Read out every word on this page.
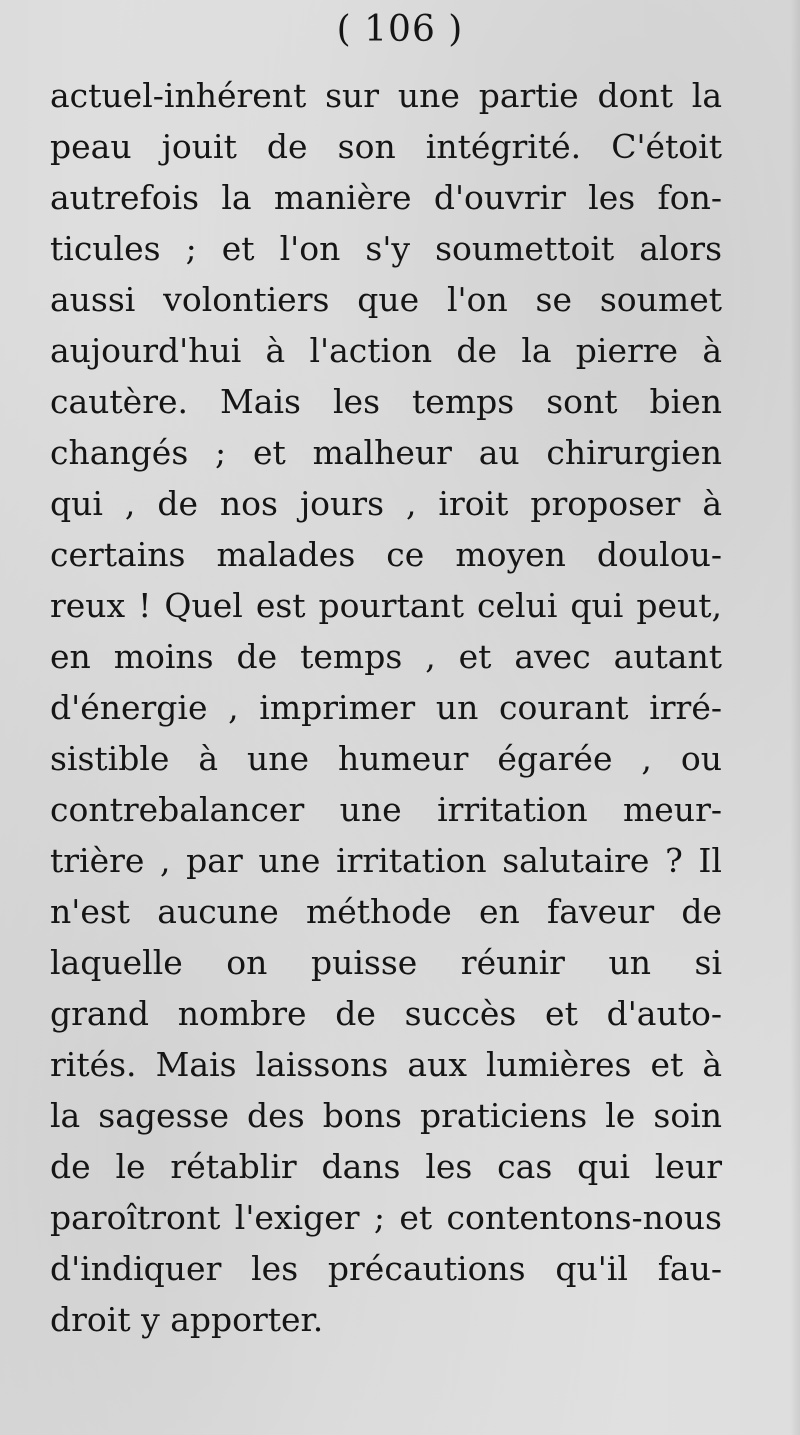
( 106 )
actuel-inhérent sur une partie dont la
peau jouit de son intégrité. C'étoit
autrefois la manière d'ouvrir les fon-
ticules ; et l'on s'y soumettoit alors
aussi volontiers que l'on se soumet
aujourd'hui à l'action de la pierre à
cautère. Mais les temps sont bien
changés ; et malheur au chirurgien
qui , de nos jours , iroit proposer à
certains malades ce moyen doulou-
reux ! Quel est pourtant celui qui peut,
en moins de temps , et avec autant
d'énergie , imprimer un courant irré-
sistible à une humeur égarée , ou
contrebalancer une irritation meur-
trière , par une irritation salutaire ? Il
n'est aucune méthode en faveur de
laquelle on puisse réunir un si
grand nombre de succès et d'auto-
rités. Mais laissons aux lumières et à
la sagesse des bons praticiens le soin
de le rétablir dans les cas qui leur
paroîtront l'exiger ; et contentons-nous
d'indiquer les précautions qu'il fau-
droit y apporter.
